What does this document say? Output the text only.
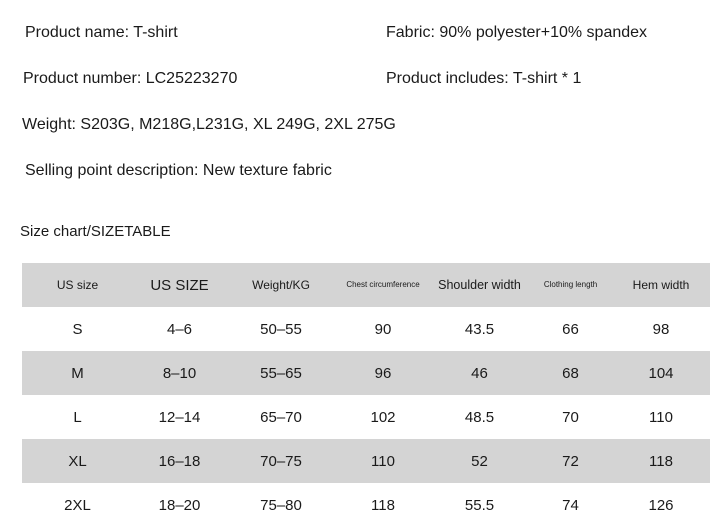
Product name: T-shirt	Fabric: 90% polyester+10% spandex
Product number: LC25223270	Product includes: T-shirt * 1
Weight: S203G, M218G,L231G, XL 249G, 2XL 275G
Selling point description: New texture fabric
Size chart/SIZETABLE
US size	US SIZE	Weight/KG	Chest circumference	Shoulder width	Clothing length	Hem width
S	4–6	50–55	90	43.5	66	98
M	8–10	55–65	96	46	68	104
L	12–14	65–70	102	48.5	70	110
XL	16–18	70–75	110	52	72	118
2XL	18–20	75–80	118	55.5	74	126
